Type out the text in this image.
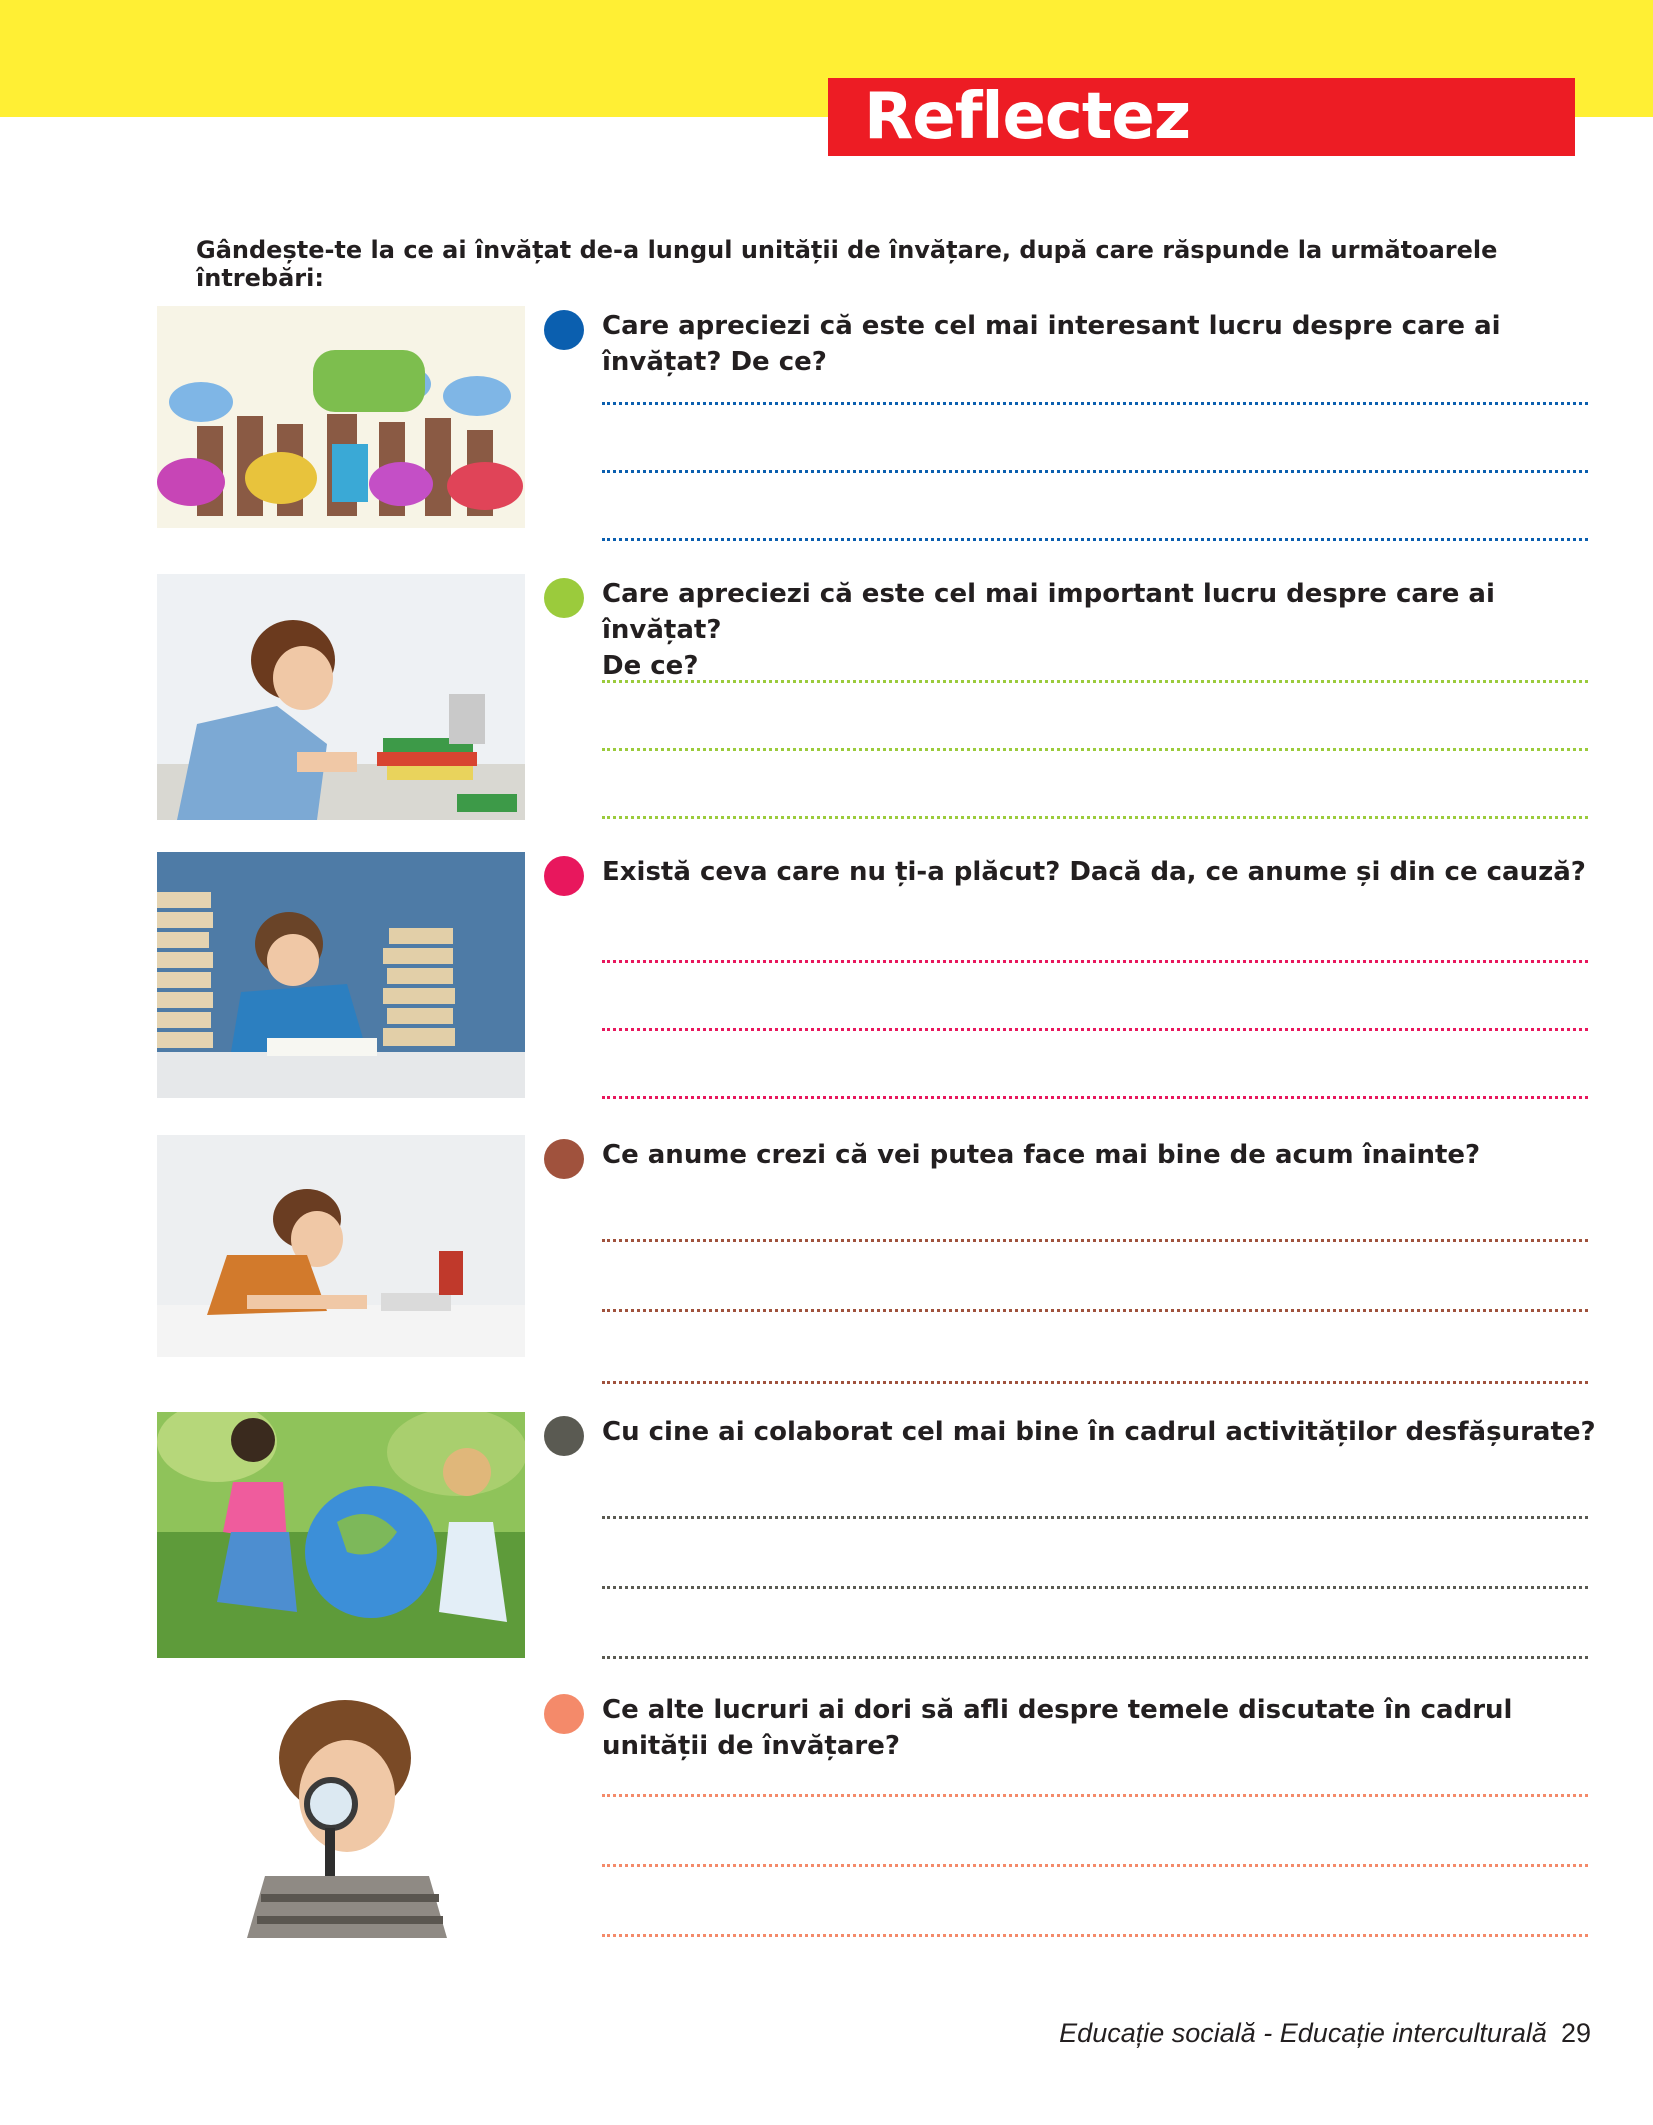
Reflectez
Gândește-te la ce ai învățat de-a lungul unității de învățare, după care răspunde la următoarele întrebări:
Care apreciezi că este cel mai interesant lucru despre care ai învățat? De ce?
Care apreciezi că este cel mai important lucru despre care ai învățat?
De ce?
Există ceva care nu ți-a plăcut? Dacă da, ce anume și din ce cauză?
Ce anume crezi că vei putea face mai bine de acum înainte?
Cu cine ai colaborat cel mai bine în cadrul activităților desfășurate?
Ce alte lucruri ai dori să afli despre temele discutate în cadrul unității de învățare?
Educație socială - Educație interculturală 29
